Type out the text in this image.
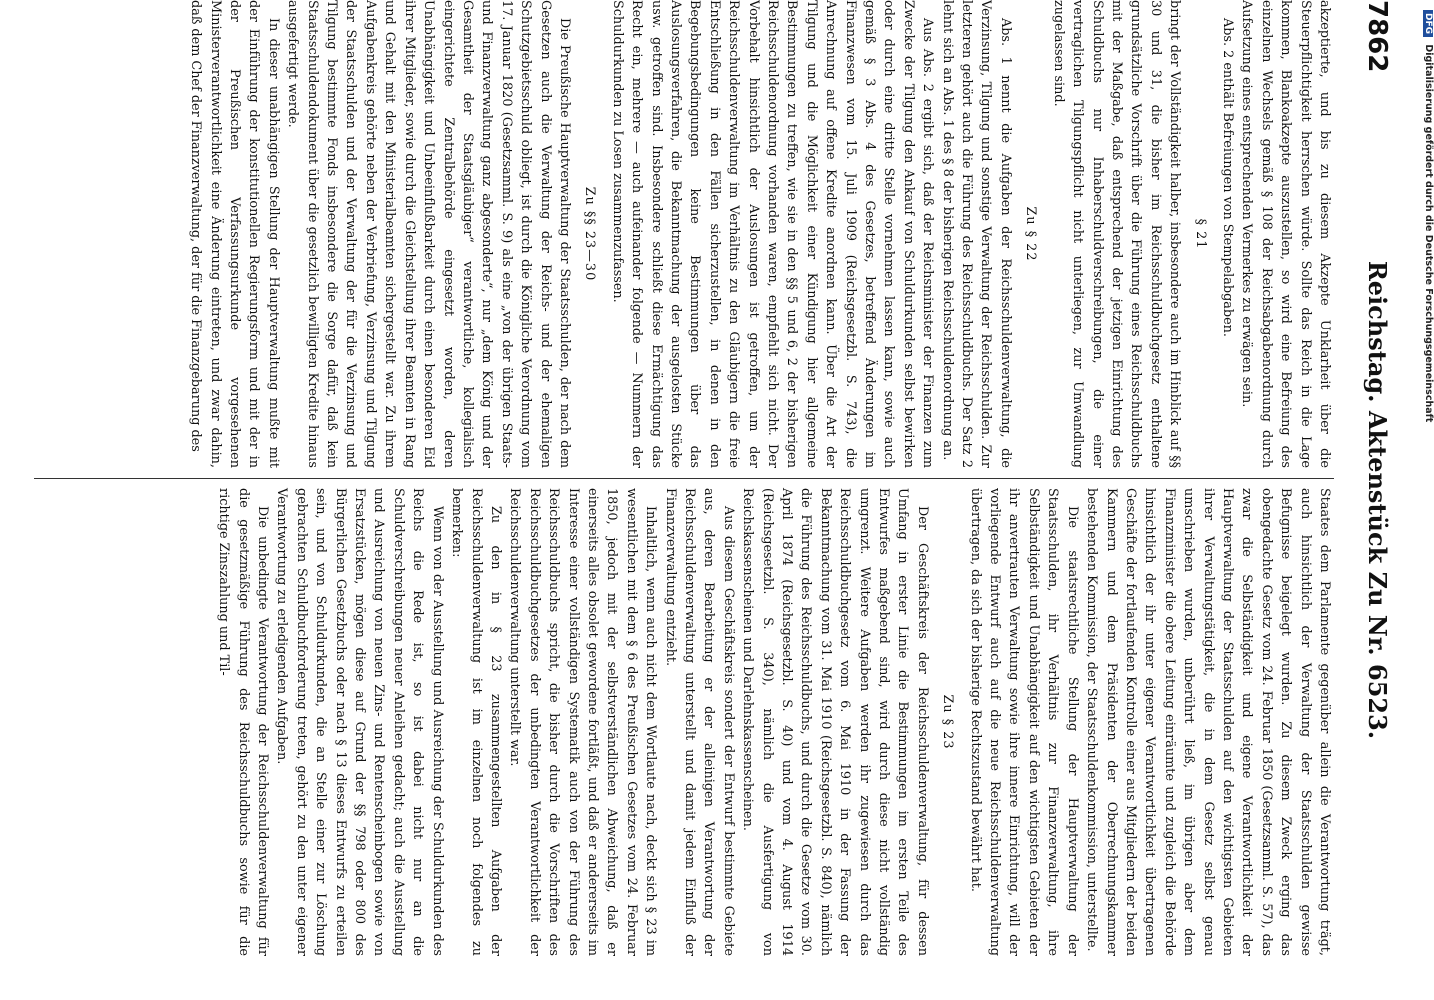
7862
Reichstag. Aktenstück Zu Nr. 6523.

akzeptierte, und bis zu diesem Akzepte Unklarheit über die Steuerpflichtigkeit herrschen würde. Sollte das Reich in die Lage kommen, Blankoakzepte auszustellen, so wird eine Befreiung des einzelnen Wechsels gemäß § 108 der Reichsabgabenordnung durch Aufsetzung eines entsprechenden Vermerkes zu erwägen sein.

Abs. 2 enthält Befreiungen von Stempelabgaben.

§ 21

bringt der Vollständigkeit halber, insbesondere auch im Hinblick auf §§ 30 und 31, die bisher im Reichsschuldbuchgesetz enthaltene grundsätzliche Vorschrift über die Führung eines Reichsschuldbuchs mit der Maßgabe, daß entsprechend der jetzigen Einrichtung des Schuldbuchs nur Inhaberschuldverschreibungen, die einer vertraglichen Tilgungspflicht nicht unterliegen, zur Umwandlung zugelassen sind.

Zu § 22

Abs. 1 nennt die Aufgaben der Reichsschuldenverwaltung, die Verzinsung, Tilgung und sonstige Verwaltung der Reichsschulden. Zur letzteren gehört auch die Führung des Reichsschuldbuchs. Der Satz 2 lehnt sich an Abs. 1 des § 8 der bisherigen Reichsschuldenordnung an.

Aus Abs. 2 ergibt sich, daß der Reichsminister der Finanzen zum Zwecke der Tilgung den Ankauf von Schuldurkunden selbst bewirken oder durch eine dritte Stelle vornehmen lassen kann, sowie auch gemäß § 3 Abs. 4 des Gesetzes, betreffend Änderungen im Finanzwesen vom 15. Juli 1909 (Reichsgesetzbl. S. 743), die Anrechnung auf offene Kredite anordnen kann. Über die Art der Tilgung und die Möglichkeit einer Kündigung hier allgemeine Bestimmungen zu treffen, wie sie in den §§ 5 und 6, 2 der bisherigen Reichsschuldenordnung vorhanden waren, empfiehlt sich nicht. Der Vorbehalt hinsichtlich der Auslosungen ist getroffen, um der Reichsschuldenverwaltung im Verhältnis zu den Gläubigern die freie Entschließung in den Fällen sicherzustellen, in denen in den Begebungsbedingungen keine Bestimmungen über das Auslosungsverfahren, die Bekanntmachung der ausgelosten Stücke usw. getroffen sind. Insbesondere schließt diese Ermächtigung das Recht ein, mehrere — auch aufeinander folgende — Nummern der Schuldurkunden zu Losen zusammenzufassen.

Zu §§ 23—30

Die Preußische Hauptverwaltung der Staatsschulden, der nach dem Gesetzen auch die Verwaltung der Reichs- und der ehemaligen Schutzgebietsschuld obliegt, ist durch die Königliche Verordnung vom 17. Januar 1820 (Gesetzsamml. S. 9) als eine „von der übrigen Staats- und Finanzverwaltung ganz abgesonderte“, nur „dem König und der Gesamtheit der Staatsgläubiger“ verantwortliche, kollegialisch eingerichtete Zentralbehörde eingesetzt worden, deren Unabhängigkeit und Unbeeinflußbarkeit durch einen besonderen Eid ihrer Mitglieder, sowie durch die Gleichstellung ihrer Beamten in Rang und Gehalt mit den Ministerialbeamten sichergestellt war. Zu ihrem Aufgabenkreis gehörte neben der Verbriefung, Verzinsung und Tilgung der Staatsschulden und der Verwaltung der für die Verzinsung und Tilgung bestimmte Fonds insbesondere die Sorge dafür, daß kein Staatsschuldendokument über die gesetzlich bewilligten Kredite hinaus ausgefertigt werde.

In dieser unabhängigen Stellung der Hauptverwaltung mußte mit der Einführung der konstitutionellen Regierungsform und mit der in der Preußischen Verfassungsurkunde vorgesehenen Ministerverantwortlichkeit eine Änderung eintreten, und zwar dahin, daß dem Chef der Finanzverwaltung, der für die Finanzgebarung des

Staates dem Parlamente gegenüber allein die Verantwortung trägt, auch hinsichtlich der Verwaltung der Staatsschulden gewisse Befugnisse beigelegt wurden. Zu diesem Zweck erging das obengedachte Gesetz vom 24. Februar 1850 (Gesetzsamml. S. 57), das zwar die Selbständigkeit und eigene Verantwortlichkeit der Hauptverwaltung der Staatsschulden auf den wichtigsten Gebieten ihrer Verwaltungstätigkeit, die in dem Gesetz selbst genau umschrieben wurden, unberührt ließ, im übrigen aber dem Finanzminister die obere Leitung einräumte und zugleich die Behörde hinsichtlich der ihr unter eigener Verantwortlichkeit übertragenen Geschäfte der fortlaufenden Kontrolle einer aus Mitgliedern der beiden Kammern und dem Präsidenten der Oberrechnungskammer bestehenden Kommission, der Staatsschuldenkommission, unterstellte.

Die staatsrechtliche Stellung der Hauptverwaltung der Staatsschulden, ihr Verhältnis zur Finanzverwaltung, ihre Selbständigkeit und Unabhängigkeit auf den wichtigsten Gebieten der ihr anvertrauten Verwaltung sowie ihre innere Einrichtung, will der vorliegende Entwurf auch auf die neue Reichsschuldenverwaltung übertragen, da sich der bisherige Rechtszustand bewährt hat.

Zu § 23

Der Geschäftskreis der Reichsschuldenverwaltung, für dessen Umfang in erster Linie die Bestimmungen im ersten Teile des Entwurfes maßgebend sind, wird durch diese nicht vollständig umgrenzt. Weitere Aufgaben werden ihr zugewiesen durch das Reichsschuldbuchgesetz vom 6. Mai 1910 in der Fassung der Bekanntmachung vom 31. Mai 1910 (Reichsgesetzbl. S. 840), nämlich die Führung des Reichsschuldbuchs, und durch die Gesetze vom 30. April 1874 (Reichsgesetzbl. S. 40) und vom 4. August 1914 (Reichsgesetzbl. S. 340), nämlich die Ausfertigung von Reichskassenscheinen und Darlehnskassenscheinen.

Aus diesem Geschäftskreis sondert der Entwurf bestimmte Gebiete aus, deren Bearbeitung er der alleinigen Verantwortung der Reichsschuldenverwaltung unterstellt und damit jedem Einfluß der Finanzverwaltung entzieht.

Inhaltlich, wenn auch nicht dem Wortlaute nach, deckt sich § 23 im wesentlichen mit dem § 6 des Preußischen Gesetzes vom 24. Februar 1850, jedoch mit der selbstverständlichen Abweichung, daß er einerseits alles obsolet gewordene fortläßt, und daß er andererseits im Interesse einer vollständigen Systematik auch von der Führung des Reichsschuldbuchs spricht, die bisher durch die Vorschriften des Reichsschuldbuchgesetzes der unbedingten Verantwortlichkeit der Reichsschuldenverwaltung unterstellt war.

Zu den in § 23 zusammengestellten Aufgaben der Reichsschuldenverwaltung ist im einzelnen noch folgendes zu bemerken:

Wenn von der Ausstellung und Ausreichung der Schuldurkunden des Reichs die Rede ist, so ist dabei nicht nur an die Schuldverschreibungen neuer Anleihen gedacht; auch die Ausstellung und Ausreichung von neuen Zins- und Rentenscheinbogen sowie von Ersatzstücken, mögen diese auf Grund der §§ 798 oder 800 des Bürgerlichen Gesetzbuchs oder nach § 13 dieses Entwurfs zu erteilen sein, und von Schuldurkunden, die an Stelle einer zur Löschung gebrachten Schuldbuchforderung treten, gehört zu den unter eigener Verantwortung zu erledigenden Aufgaben.

Die unbedingte Verantwortung der Reichsschuldenverwaltung für die gesetzmäßige Führung des Reichsschuldbuchs sowie für die richtige Zinszahlung und Til-

DFG Digitalisierung gefördert durch die Deutsche Forschungsgemeinschaft
